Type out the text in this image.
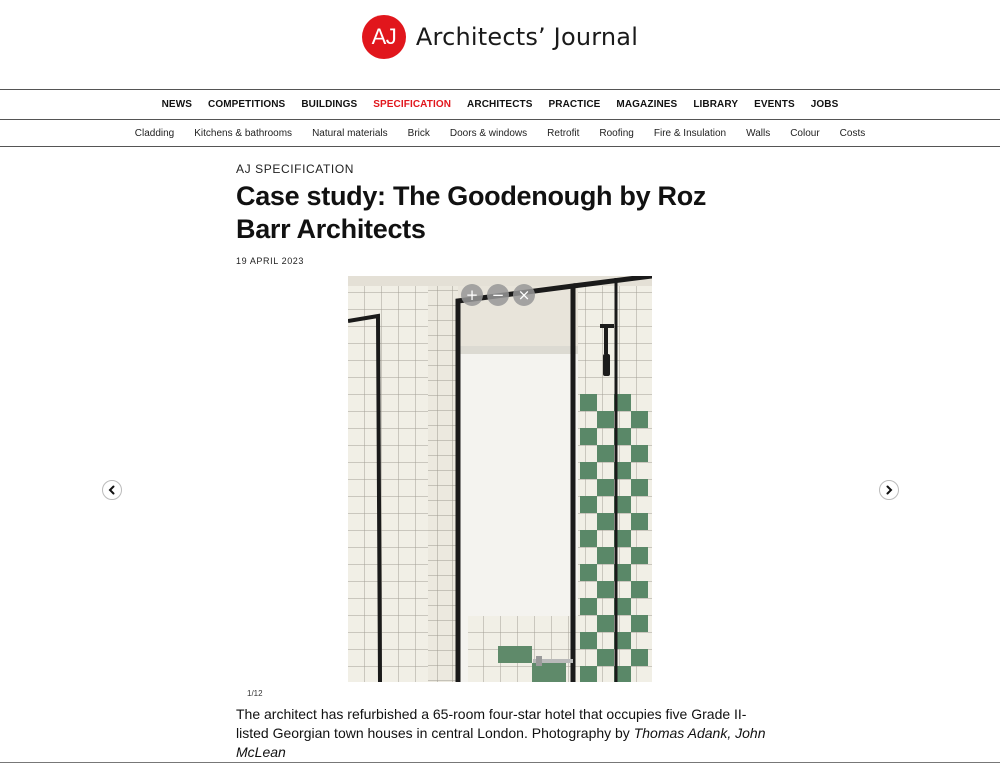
AJ Architects’ Journal
NEWS	COMPETITIONS	BUILDINGS	SPECIFICATION	ARCHITECTS	PRACTICE	MAGAZINES	LIBRARY	EVENTS	JOBS
Cladding	Kitchens & bathrooms	Natural materials	Brick	Doors & windows	Retrofit	Roofing	Fire & Insulation	Walls	Colour	Costs
AJ SPECIFICATION
Case study: The Goodenough by Roz Barr Architects
19 APRIL 2023
+ − ×
1/12

The architect has refurbished a 65-room four-star hotel that occupies five Grade II-listed Georgian town houses in central London. Photography by Thomas Adank, John McLean
